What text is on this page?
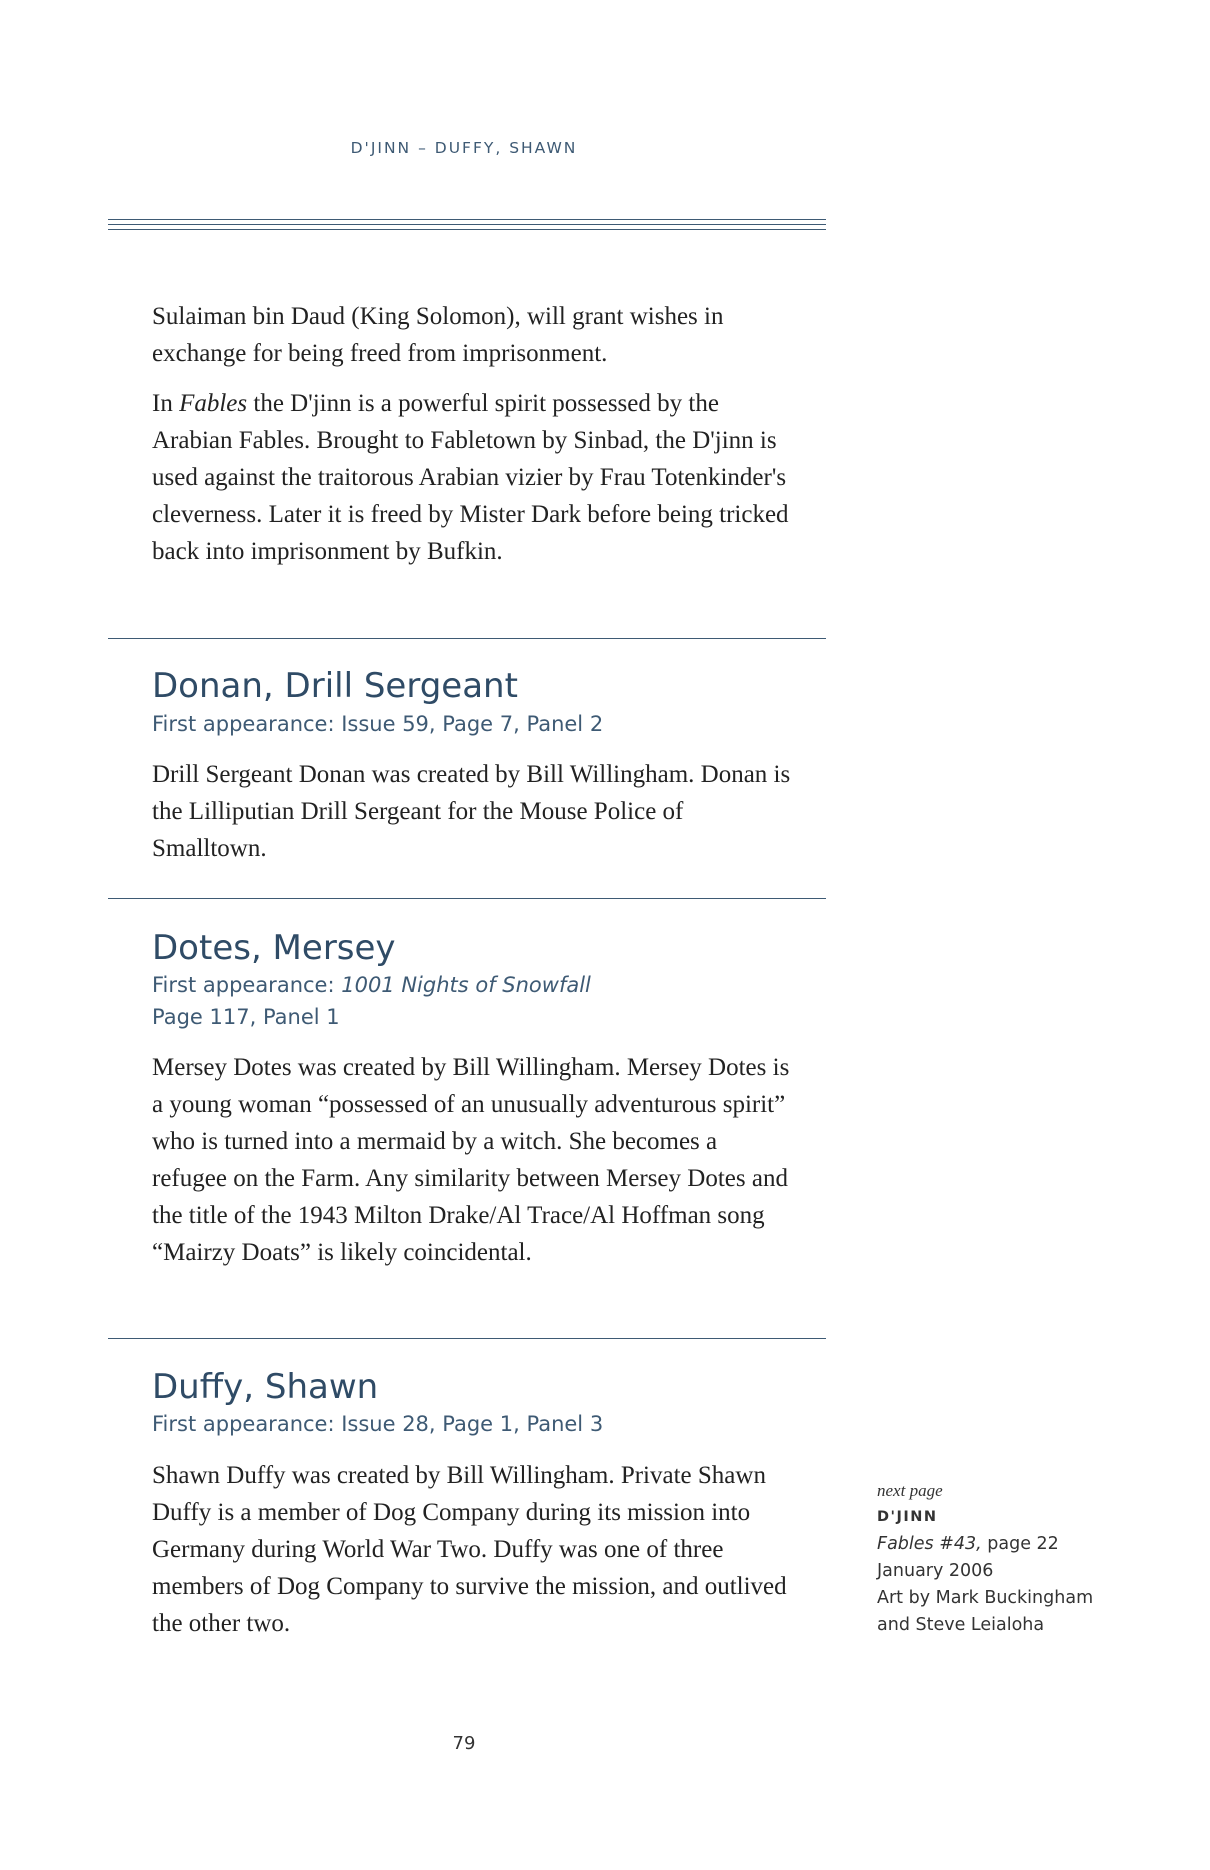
D'JINN – DUFFY, SHAWN

Sulaiman bin Daud (King Solomon), will grant wishes in exchange for being freed from imprisonment.

In Fables the D'jinn is a powerful spirit possessed by the Arabian Fables. Brought to Fabletown by Sinbad, the D'jinn is used against the traitorous Arabian vizier by Frau Totenkinder's cleverness. Later it is freed by Mister Dark before being tricked back into imprisonment by Bufkin.

Donan, Drill Sergeant

First appearance: Issue 59, Page 7, Panel 2

Drill Sergeant Donan was created by Bill Willingham. Donan is the Lilliputian Drill Sergeant for the Mouse Police of Smalltown.

Dotes, Mersey

First appearance: 1001 Nights of Snowfall
Page 117, Panel 1

Mersey Dotes was created by Bill Willingham. Mersey Dotes is a young woman “possessed of an unusually adventurous spirit” who is turned into a mermaid by a witch. She becomes a refugee on the Farm. Any similarity between Mersey Dotes and the title of the 1943 Milton Drake/Al Trace/Al Hoffman song “Mairzy Doats” is likely coincidental.

Duffy, Shawn

First appearance: Issue 28, Page 1, Panel 3

Shawn Duffy was created by Bill Willingham. Private Shawn Duffy is a member of Dog Company during its mission into Germany during World War Two. Duffy was one of three members of Dog Company to survive the mission, and outlived the other two.

next page
D'JINN
Fables #43, page 22
January 2006
Art by Mark Buckingham
and Steve Leialoha
79
